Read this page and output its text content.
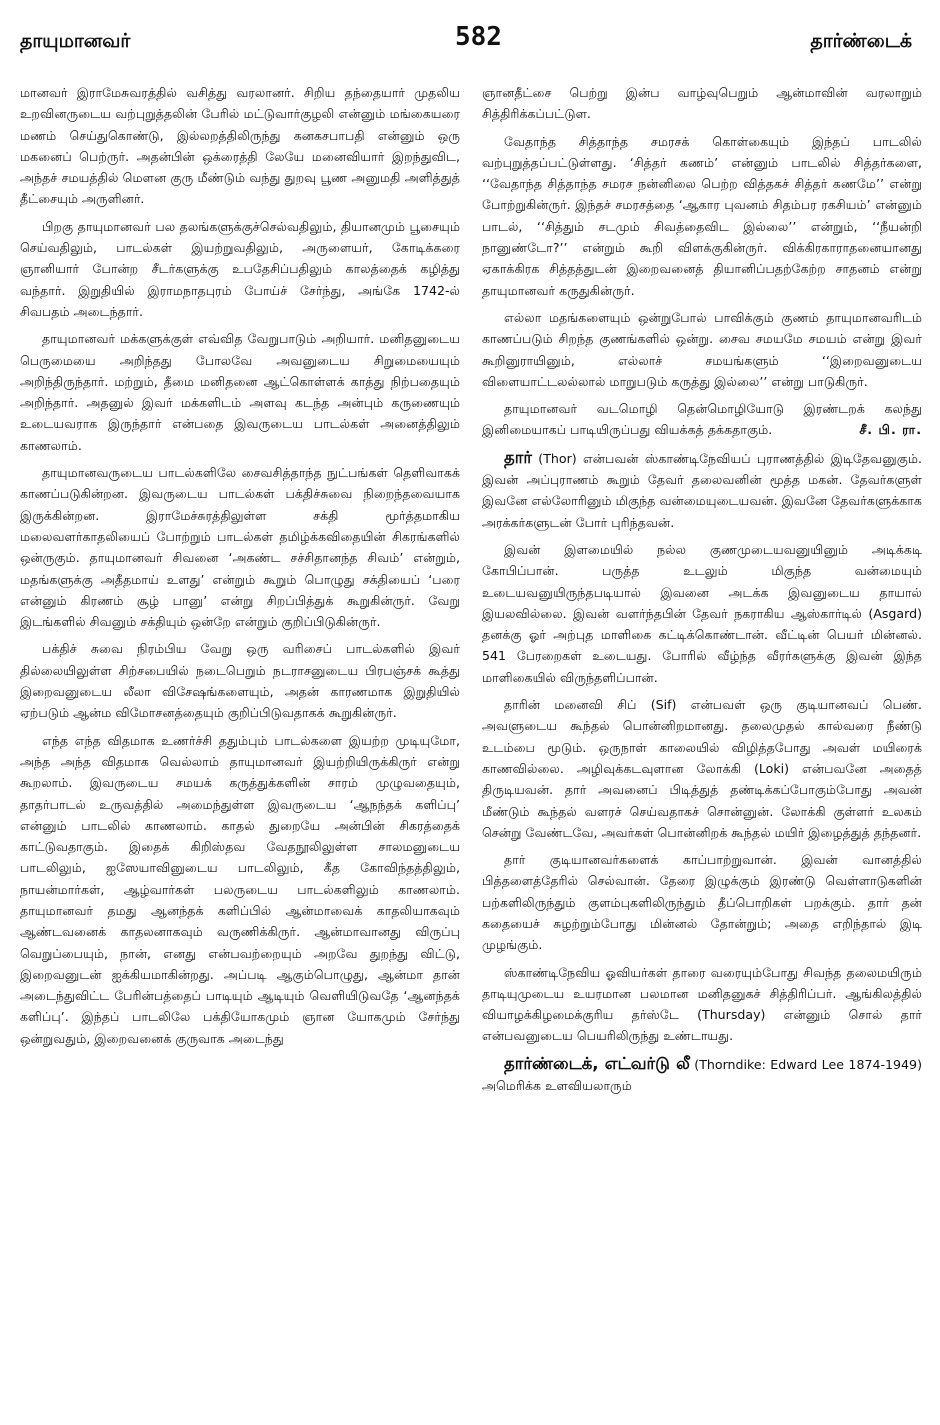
தாயுமானவர்	582	தார்ண்டைக்

மானவர் இராமேசுவரத்தில் வசித்து வரலானர். சிறிய தந்தையார் முதலிய உறவினருடைய வற்புறுத்தலின் பேரில் மட்டுவார்குழலி என்னும் மங்கையரை மணம் செய்துகொண்டு, இல்லறத்திலிருந்து கனகசபாபதி என்னும் ஒரு மகனைப் பெற்ருர். அதன்பின் ஒக்ரைத்தி லேயே மனைவியார் இறந்துவிட, அந்தச் சமயத்தில் மௌன குரு மீண்டும் வந்து துறவு பூண அனுமதி அளித்துத் தீட்சையும் அருளினர்.

பிறகு தாயுமானவர் பல தலங்களுக்குச்செல்வதிலும், தியானமும் பூசையும் செய்வதிலும், பாடல்கள் இயற்றுவதிலும், அருளையர், கோடிக்கரை ஞானியார் போன்ற சீடர்களுக்கு உபதேசிப்பதிலும் காலத்தைக் கழித்து வந்தார். இறுதியில் இராமநாதபுரம் போய்ச் சேர்ந்து, அங்கே 1742-ல் சிவபதம் அடைந்தார்.

தாயுமானவர் மக்களுக்குள் எவ்வித வேறுபாடும் அறியார். மனிதனுடைய பெருமையை அறிந்தது போலவே அவனுடைய சிறுமையையும் அறிந்திருந்தார். மற்றும், தீமை மனிதனை ஆட்கொள்ளக் காத்து நிற்பதையும் அறிந்தார். அதனுல் இவர் மக்களிடம் அளவு கடந்த அன்பும் கருணையும் உடையவராக இருந்தார் என்பதை இவருடைய பாடல்கள் அனைத்திலும் காணலாம்.

தாயுமானவருடைய பாடல்களிலே சைவசித்தாந்த நுட்பங்கள் தெளிவாகக் காணப்படுகின்றன. இவருடைய பாடல்கள் பக்திச்சுவை நிறைந்தவையாக இருக்கின்றன. இராமேச்சுரத்திலுள்ள சக்தி மூர்த்தமாகிய மலைவளர்காதலியைப் போற்றும் பாடல்கள் தமிழ்க்கவிதையின் சிகரங்களில் ஒன்ருகும். தாயுமானவர் சிவனை ‘அகண்ட சச்சிதானந்த சிவம்’ என்றும், மதங்களுக்கு அதீதமாய் உளது’ என்றும் கூறும் பொழுது சக்தியைப் ‘பரை என்னும் கிரணம் சூழ் பானு’ என்று சிறப்பித்துக் கூறுகின்ருர். வேறு இடங்களில் சிவனும் சக்தியும் ஒன்றே என்றும் குறிப்பிடுகின்ருர்.

பக்திச் சுவை நிரம்பிய வேறு ஒரு வரிசைப் பாடல்களில் இவர் தில்லையிலுள்ள சிற்சபையில் நடைபெறும் நடராசனுடைய பிரபஞ்சக் கூத்து இறைவனுடைய லீலா விசேஷங்களையும், அதன் காரணமாக இறுதியில் ஏற்படும் ஆன்ம விமோசனத்தையும் குறிப்பிடுவதாகக் கூறுகின்ருர்.

எந்த எந்த விதமாக உணர்ச்சி ததும்பும் பாடல்களை இயற்ற முடியுமோ, அந்த அந்த விதமாக வெல்லாம் தாயுமானவர் இயற்றியிருக்கிருர் என்று கூறலாம். இவருடைய சமயக் கருத்துக்களின் சாரம் முழுவதையும், தாதர்பாடல் உருவத்தில் அமைந்துள்ள இவருடைய ‘ஆநந்தக் களிப்பு’ என்னும் பாடலில் காணலாம். காதல் துறையே அன்பின் சிகரத்தைக் காட்டுவதாகும். இதைக் கிறிஸ்தவ வேதநூலிலுள்ள சாலமனுடைய பாடலிலும், ஐஸேயாவினுடைய பாடலிலும், கீத கோவிந்தத்திலும், நாயன்மார்கள், ஆழ்வார்கள் பலருடைய பாடல்களிலும் காணலாம். தாயுமானவர் தமது ஆனந்தக் களிப்பில் ஆன்மாவைக் காதலியாகவும் ஆண்டவனைக் காதலனாகவும் வருணிக்கிருர். ஆன்மாவானது விருப்பு வெறுப்பையும், நான், எனது என்பவற்றையும் அறவே துறந்து விட்டு, இறைவனுடன் ஐக்கியமாகின்றது. அப்படி ஆகும்பொழுது, ஆன்மா தான் அடைந்துவிட்ட பேரின்பத்தைப் பாடியும் ஆடியும் வெளியிடுவதே ‘ஆனந்தக் களிப்பு’. இந்தப் பாடலிலே பக்தியோகமும் ஞான யோகமும் சேர்ந்து ஒன்றுவதும், இறைவனைக் குருவாக அடைந்து

ஞானதீட்சை பெற்று இன்ப வாழ்வுபெறும் ஆன்மாவின் வரலாறும் சித்திரிக்கப்பட்டுள.

வேதாந்த சித்தாந்த சமரசக் கொள்கையும் இந்தப் பாடலில் வற்புறுத்தப்பட்டுள்ளது. ‘சித்தர் கணம்’ என்னும் பாடலில் சித்தர்களை, ‘‘வேதாந்த சித்தாந்த சமரச நன்னிலை பெற்ற வித்தகச் சித்தர் கணமே’’ என்று போற்றுகின்ருர். இந்தச் சமரசத்தை ‘ஆகார புவனம் சிதம்பர ரகசியம்’ என்னும் பாடல், ‘‘சித்தும் சடமும் சிவத்தைவிட இல்லை’’ என்றும், ‘‘நீயன்றி நானுண்டோ?’’ என்றும் கூறி விளக்குகின்ருர். விக்கிரகாராதனையானது ஏகாக்கிரக சித்தத்துடன் இறைவனைத் தியானிப்பதற்கேற்ற சாதனம் என்று தாயுமானவர் கருதுகின்ருர்.

எல்லா மதங்களையும் ஒன்றுபோல் பாவிக்கும் குணம் தாயுமானவரிடம் காணப்படும் சிறந்த குணங்களில் ஒன்று. சைவ சமயமே சமயம் என்று இவர் கூறினுராயினும், எல்லாச் சமயங்களும் ‘‘இறைவனுடைய விளையாட்டலல்லால் மாறுபடும் கருத்து இல்லை’’ என்று பாடுகிருர்.

தாயுமானவர் வடமொழி தென்மொழியோடு இரண்டறக் கலந்து இனிமையாகப் பாடியிருப்பது வியக்கத் தக்கதாகும்.	சீ. பி. ரா.

தார் (Thor) என்பவன் ஸ்காண்டிநேவியப் புராணத்தில் இடிதேவனுகும். இவன் அப்புராணம் கூறும் தேவர் தலைவனின் மூத்த மகன். தேவர்களுள் இவனே எல்லோரினும் மிகுந்த வன்மையுடையவன். இவனே தேவர்களுக்காக அரக்கர்களுடன் போர் புரிந்தவன்.

இவன் இளமையில் நல்ல குணமுடையவனுயினும் அடிக்கடி கோபிப்பான். பருத்த உடலும் மிகுந்த வன்மையும் உடையவனுயிருந்தபடியால் இவனை அடக்க இவனுடைய தாயால் இயலவில்லை. இவன் வளர்ந்தபின் தேவர் நகராகிய ஆஸ்கார்டில் (Asgard) தனக்கு ஓர் அற்புத மாளிகை கட்டிக்கொண்டான். வீட்டின் பெயர் மின்னல். 541 பேரறைகள் உடையது. போரில் வீழ்ந்த வீரர்களுக்கு இவன் இந்த மாளிகையில் விருந்தளிப்பான்.

தாரின் மனைவி சிப் (Sif) என்பவள் ஒரு குடியானவப் பெண். அவளுடைய கூந்தல் பொன்னிறமானது. தலைமுதல் கால்வரை நீண்டு உடம்பை மூடும். ஒருநாள் காலையில் விழித்தபோது அவள் மயிரைக் காணவில்லை. அழிவுக்கடவுளான லோக்கி (Loki) என்பவனே அதைத் திருடியவன். தார் அவனைப் பிடித்துத் தண்டிக்கப்போகும்போது அவன் மீண்டும் கூந்தல் வளரச் செய்வதாகச் சொன்னுன். லோக்கி குள்ளர் உலகம் சென்று வேண்டவே, அவர்கள் பொன்னிறக் கூந்தல் மயிர் இழைத்துத் தந்தனர்.

தார் குடியானவர்களைக் காப்பாற்றுவான். இவன் வானத்தில் பித்தளைத்தேரில் செல்வான். தேரை இழுக்கும் இரண்டு வெள்ளாடுகளின் பற்களிலிருந்தும் குளம்புகளிலிருந்தும் தீப்பொறிகள் பறக்கும். தார் தன் கதையைச் சுழற்றும்போது மின்னல் தோன்றும்; அதை எறிந்தால் இடி முழங்கும்.

ஸ்காண்டிநேவிய ஓவியர்கள் தாரை வரையும்போது சிவந்த தலைமயிரும் தாடியுமுடைய உயரமான பலமான மனிதனுகச் சித்திரிப்பர். ஆங்கிலத்தில் வியாழக்கிழமைக்குரிய தர்ஸ்டே (Thursday) என்னும் சொல் தார் என்பவனுடைய பெயரிலிருந்து உண்டாயது.

தார்ண்டைக், எட்வர்டு லீ (Thorndike: Edward Lee 1874-1949) அமெரிக்க உளவியலாரும்
